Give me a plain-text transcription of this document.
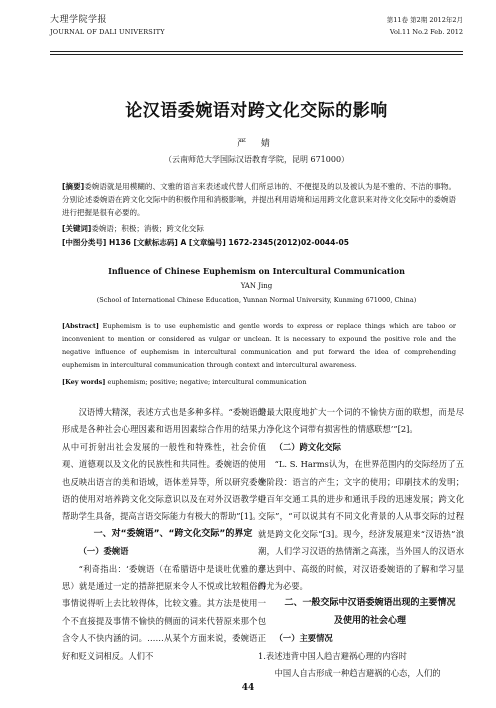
大理学院学报
JOURNAL OF DALI UNIVERSITY
第11卷 第2期 2012年2月
Vol.11 No.2 Feb. 2012
论汉语委婉语对跨文化交际的影响
严 婧
（云南师范大学国际汉语教育学院，昆明 671000）
[摘要]委婉语就是用模糊的、文雅的语言来表述或代替人们所忌讳的、不便提及的以及被认为是不雅的、不洁的事物。分别论述委婉语在跨文化交际中的积极作用和消极影响，并提出利用语境和运用跨文化意识来对待文化交际中的委婉语进行把握是很有必要的。
[关键词]委婉语；积极；消极；跨文化交际
[中图分类号] H136 [文献标志码] A [文章编号] 1672-2345(2012)02-0044-05
Influence of Chinese Euphemism on Intercultural Communication
YAN Jing
(School of International Chinese Education, Yunnan Normal University, Kunming 671000, China)
[Abstract] Euphemism is to use euphemistic and gentle words to express or replace things which are taboo or inconvenient to mention or considered as vulgar or unclean. It is necessary to expound the positive role and the negative influence of euphemism in intercultural communication and put forward the idea of comprehending euphemism in intercultural communication through context and intercultural awareness.
[Key words] euphemism; positive; negative; intercultural communication

汉语博大精深，表述方式也是多种多样。“委婉语的形成是各种社会心理因素和语用因素综合作用的结果，从中可折射出社会发展的一般性和特殊性，社会价值观、道德观以及文化的民族性和共同性。委婉语的使用也反映出语言的美和语域，语体差异等，所以研究委婉语的使用对培养跨文化交际意识以及在对外汉语教学中帮助学生具备，提高言语交际能力有极大的帮助”[1]。

一、对“委婉语”、“跨文化交际”的界定

（一）委婉语

“利奇指出：‘委婉语（在希腊语中是谈吐优雅的意思）就是通过一定的措辞把原来令人不悦或比较粗俗的事情说得听上去比较得体，比较文雅。其方法是使用一个不直接提及事情不愉快的侧面的词来代替原来那个包含令人不快内涵的词。……从某个方面来说，委婉语正好和贬义词相反。人们不

是最大限度地扩大一个词的不愉快方面的联想，而是尽力净化这个词带有损害性的情感联想’”[2]。

（二）跨文化交际

“L. S. Harms认为，在世界范围内的交际经历了五个阶段：语言的产生；文字的使用；印刷技术的发明；近百年交通工具的进步和通讯手段的迅速发展；跨文化交际”，“可以说其有不同文化背景的人从事交际的过程就是跨文化交际”[3]。现今，经济发展迎来“汉语热”浪潮，人们学习汉语的热情渐之高涨，当外国人的汉语水平达到中、高级的时候，对汉语委婉语的了解和学习显得尤为必要。

二、一般交际中汉语委婉语出现的主要情况

及使用的社会心理

（一）主要情况

1.表述违背中国人趋吉避祸心理的内容时

中国人自古形成一种趋吉避祸的心态，人们的

44
